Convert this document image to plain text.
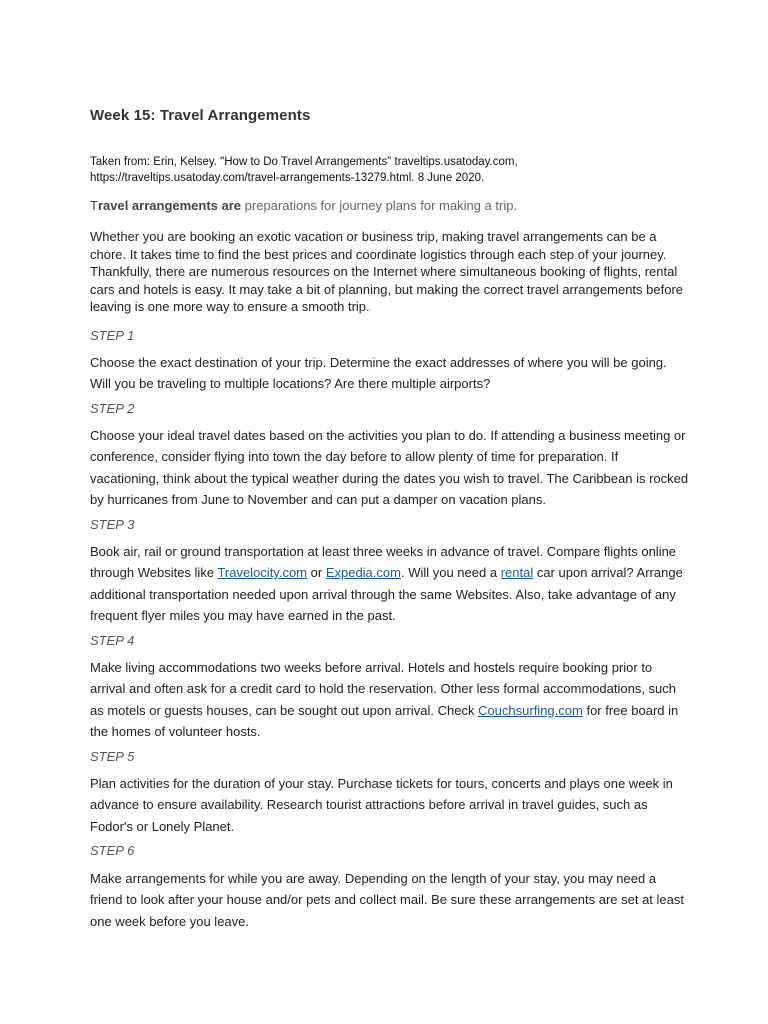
Week 15: Travel Arrangements
Taken from: Erin, Kelsey. "How to Do Travel Arrangements" traveltips.usatoday.com,
https://traveltips.usatoday.com/travel-arrangements-13279.html. 8 June 2020.
Travel arrangements are preparations for journey plans for making a trip.
Whether you are booking an exotic vacation or business trip, making travel arrangements can be a chore. It takes time to find the best prices and coordinate logistics through each step of your journey. Thankfully, there are numerous resources on the Internet where simultaneous booking of flights, rental cars and hotels is easy. It may take a bit of planning, but making the correct travel arrangements before leaving is one more way to ensure a smooth trip.
STEP 1
Choose the exact destination of your trip. Determine the exact addresses of where you will be going. Will you be traveling to multiple locations? Are there multiple airports?
STEP 2
Choose your ideal travel dates based on the activities you plan to do. If attending a business meeting or conference, consider flying into town the day before to allow plenty of time for preparation. If vacationing, think about the typical weather during the dates you wish to travel. The Caribbean is rocked by hurricanes from June to November and can put a damper on vacation plans.
STEP 3
Book air, rail or ground transportation at least three weeks in advance of travel. Compare flights online through Websites like Travelocity.com or Expedia.com. Will you need a rental car upon arrival? Arrange additional transportation needed upon arrival through the same Websites. Also, take advantage of any frequent flyer miles you may have earned in the past.
STEP 4
Make living accommodations two weeks before arrival. Hotels and hostels require booking prior to arrival and often ask for a credit card to hold the reservation. Other less formal accommodations, such as motels or guests houses, can be sought out upon arrival. Check Couchsurfing.com for free board in the homes of volunteer hosts.
STEP 5
Plan activities for the duration of your stay. Purchase tickets for tours, concerts and plays one week in advance to ensure availability. Research tourist attractions before arrival in travel guides, such as Fodor's or Lonely Planet.
STEP 6
Make arrangements for while you are away. Depending on the length of your stay, you may need a friend to look after your house and/or pets and collect mail. Be sure these arrangements are set at least one week before you leave.
